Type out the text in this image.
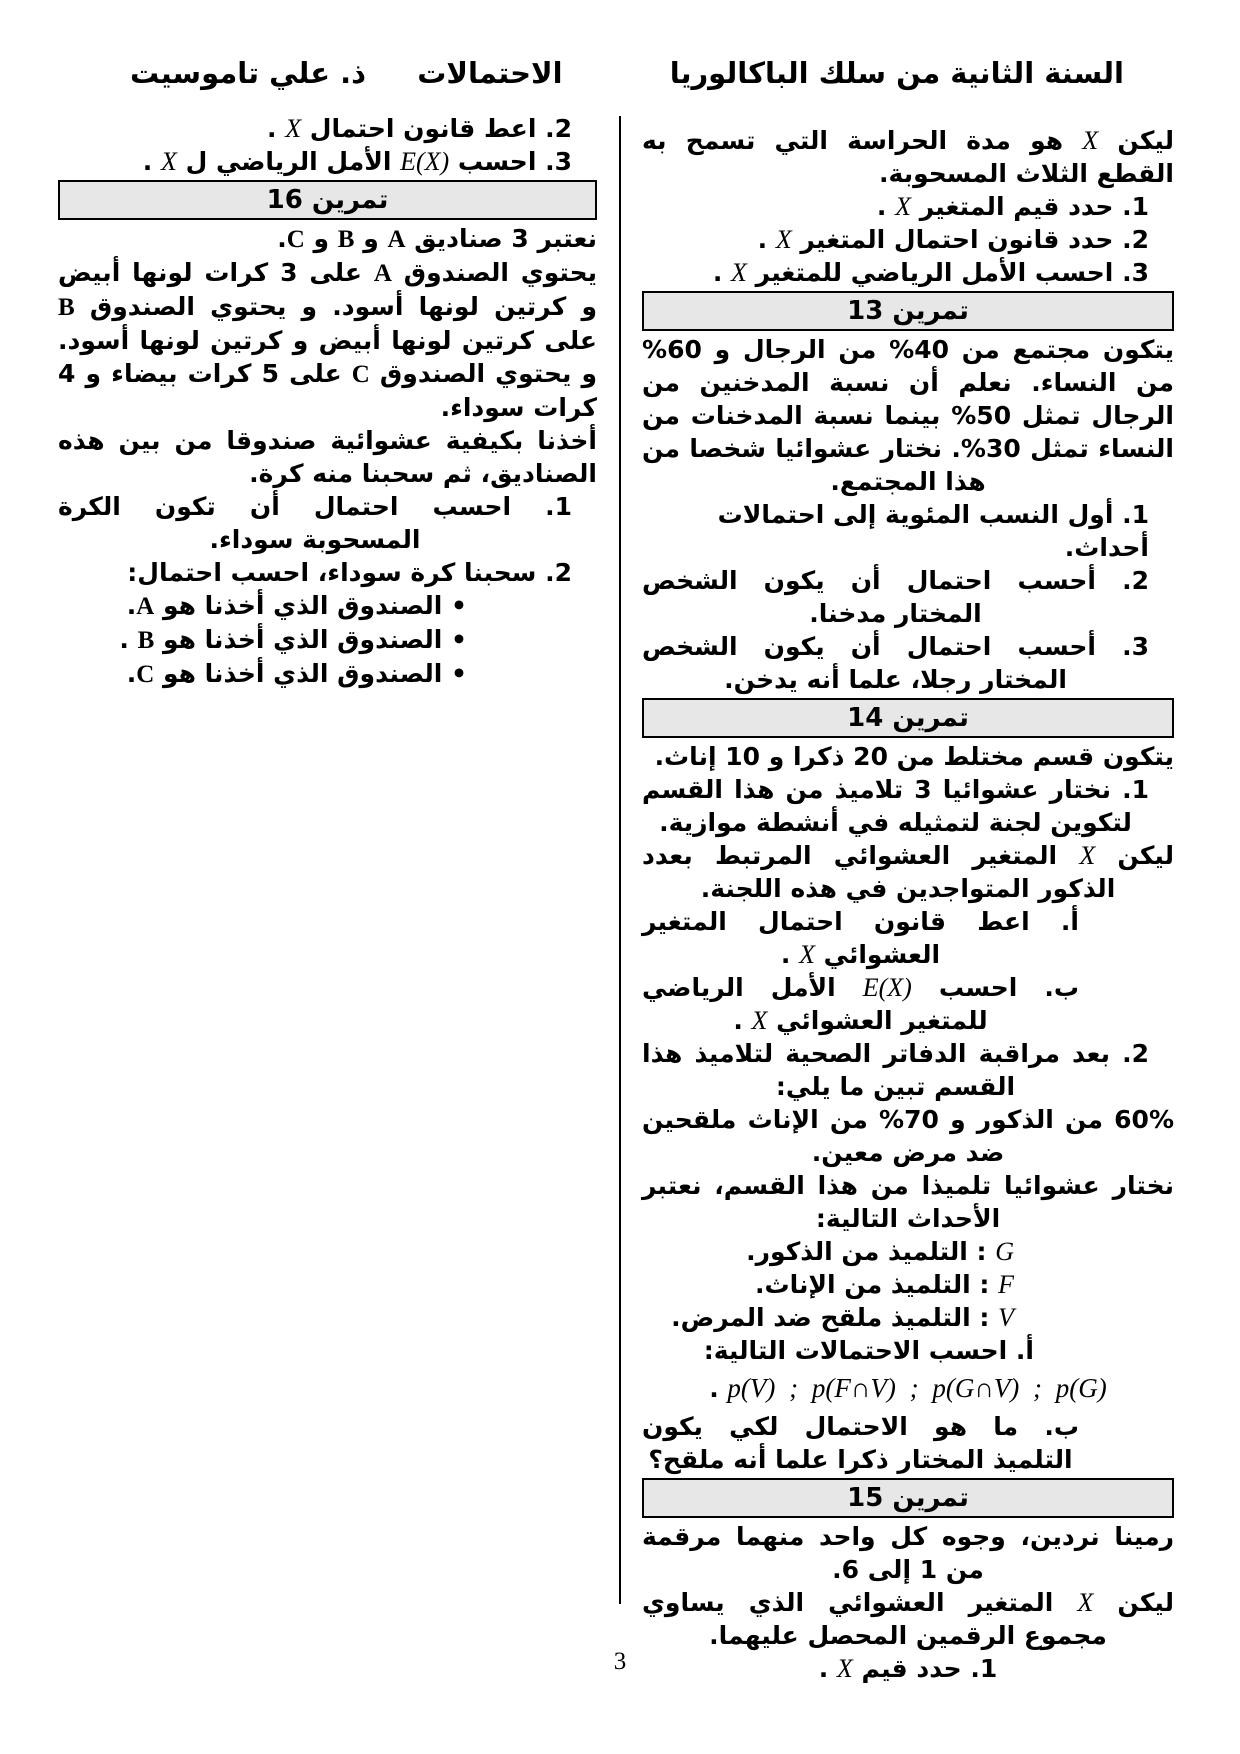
السنة الثانية من سلك الباكالوريا
الاحتمالات
ذ. علي تاموسيت
ليكن X هو مدة الحراسة التي تسمح به القطع الثلاث المسحوبة.
1. حدد قيم المتغير X .
2. حدد قانون احتمال المتغير X .
3. احسب الأمل الرياضي للمتغير X .
تمرين 13
يتكون مجتمع من 40% من الرجال و 60% من النساء. نعلم أن نسبة المدخنين من الرجال تمثل 50% بينما نسبة المدخنات من النساء تمثل 30%. نختار عشوائيا شخصا من هذا المجتمع.
1. أول النسب المئوية إلى احتمالات أحداث.
2. أحسب احتمال أن يكون الشخص المختار مدخنا.
3. أحسب احتمال أن يكون الشخص المختار رجلا، علما أنه يدخن.
تمرين 14
يتكون قسم مختلط من 20 ذكرا و 10 إناث.
1. نختار عشوائيا 3 تلاميذ من هذا القسم لتكوين لجنة لتمثيله في أنشطة موازية.
ليكن X المتغير العشوائي المرتبط بعدد الذكور المتواجدين في هذه اللجنة.
أ. اعط قانون احتمال المتغير العشوائي X .
ب. احسب E(X) الأمل الرياضي للمتغير العشوائي X .
2. بعد مراقبة الدفاتر الصحية لتلاميذ هذا القسم تبين ما يلي:
60% من الذكور و 70% من الإناث ملقحين ضد مرض معين.
نختار عشوائيا تلميذا من هذا القسم، نعتبر الأحداث التالية:
G : التلميذ من الذكور.
F : التلميذ من الإناث.
V : التلميذ ملقح ضد المرض.
أ. احسب الاحتمالات التالية:
p(V) ; p(F∩V) ; p(G∩V) ; p(G) .
ب. ما هو الاحتمال لكي يكون التلميذ المختار ذكرا علما أنه ملقح؟
تمرين 15
رمينا نردين، وجوه كل واحد منهما مرقمة من 1 إلى 6.
ليكن X المتغير العشوائي الذي يساوي مجموع الرقمين المحصل عليهما.
1. حدد قيم X .
2. اعط قانون احتمال X .
3. احسب E(X) الأمل الرياضي ل X .
تمرين 16
نعتبر 3 صناديق A و B و C.
يحتوي الصندوق A على 3 كرات لونها أبيض و كرتين لونها أسود. و يحتوي الصندوق B على كرتين لونها أبيض و كرتين لونها أسود. و يحتوي الصندوق C على 5 كرات بيضاء و 4 كرات سوداء.
أخذنا بكيفية عشوائية صندوقا من بين هذه الصناديق، ثم سحبنا منه كرة.
1. احسب احتمال أن تكون الكرة المسحوبة سوداء.
2. سحبنا كرة سوداء، احسب احتمال:
• الصندوق الذي أخذنا هو A.
• الصندوق الذي أخذنا هو B .
• الصندوق الذي أخذنا هو C.
3
